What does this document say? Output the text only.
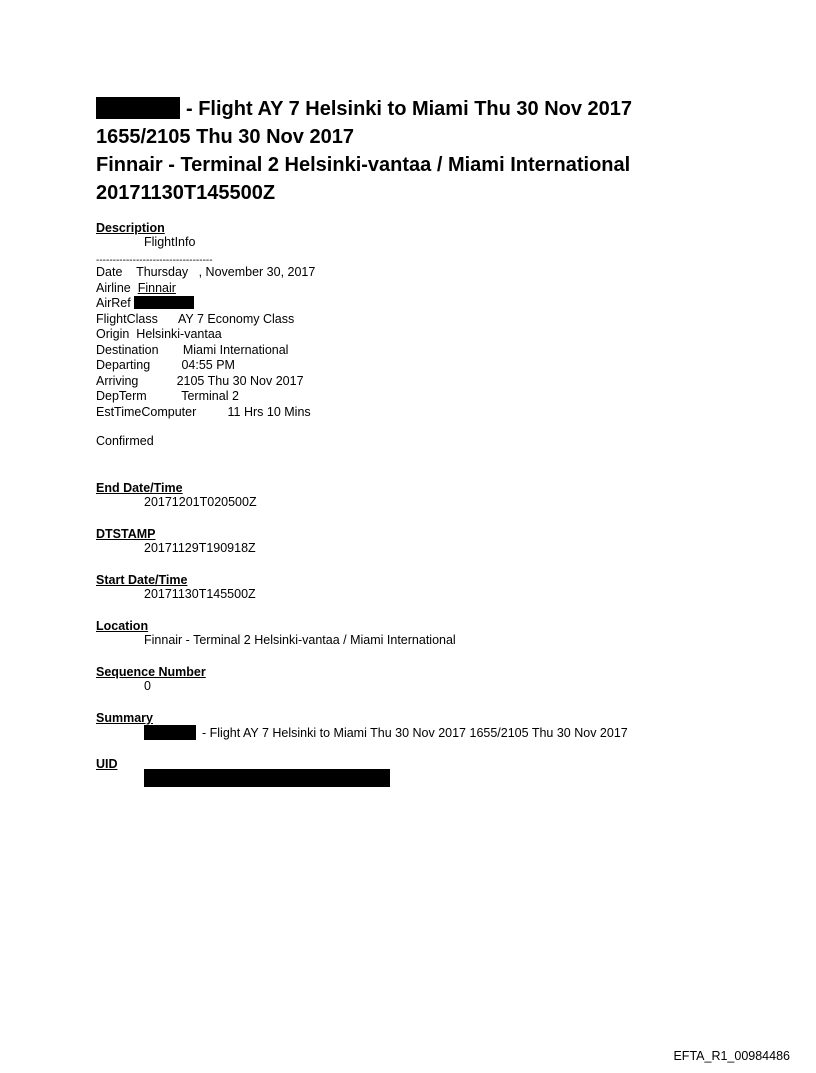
- Flight AY 7 Helsinki to Miami Thu 30 Nov 2017
1655/2105 Thu 30 Nov 2017
Finnair - Terminal 2 Helsinki-vantaa / Miami International
20171130T145500Z
Description
FlightInfo
-----------------------------------
Date Thursday   , November 30, 2017
Airline Finnair
AirRef
FlightClass AY 7 Economy Class
Origin Helsinki-vantaa
Destination Miami International
Departing	04:55 PM
Arriving	2105 Thu 30 Nov 2017
DepTerm	Terminal 2
EstTimeComputer	11 Hrs 10 Mins
Confirmed
End Date/Time
20171201T020500Z
DTSTAMP
20171129T190918Z
Start Date/Time
20171130T145500Z
Location
Finnair - Terminal 2 Helsinki-vantaa / Miami International
Sequence Number
0
Summary
- Flight AY 7 Helsinki to Miami Thu 30 Nov 2017 1655/2105 Thu 30 Nov 2017
UID
EFTA_R1_00984486
